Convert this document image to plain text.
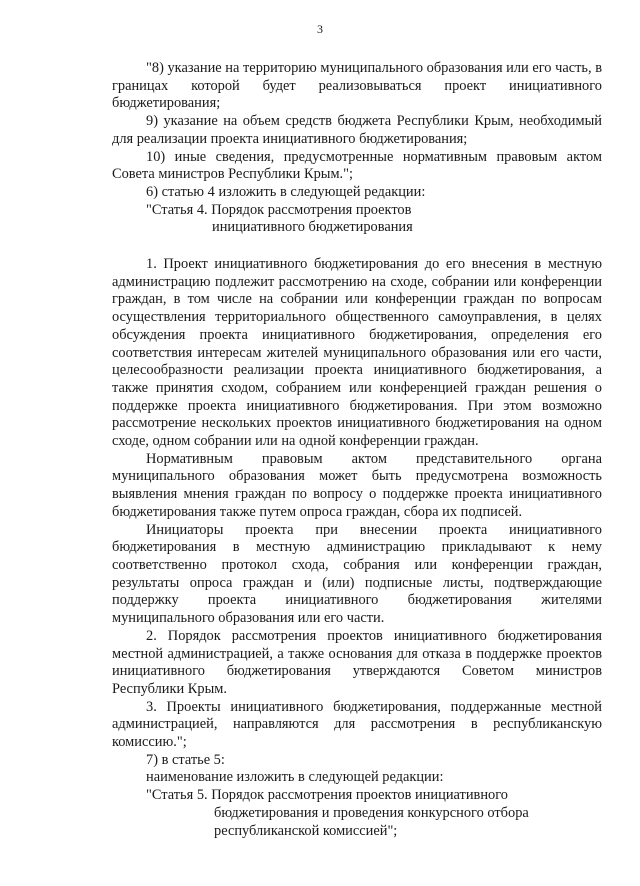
3

"8) указание на территорию муниципального образования или его часть, в границах которой будет реализовываться проект инициативного бюджетирования;

9) указание на объем средств бюджета Республики Крым, необходимый для реализации проекта инициативного бюджетирования;

10) иные сведения, предусмотренные нормативным правовым актом Совета министров Республики Крым.";

6) статью 4 изложить в следующей редакции:

"Статья 4. Порядок рассмотрения проектов

инициативного бюджетирования

1. Проект инициативного бюджетирования до его внесения в местную администрацию подлежит рассмотрению на сходе, собрании или конференции граждан, в том числе на собрании или конференции граждан по вопросам осуществления территориального общественного самоуправления, в целях обсуждения проекта инициативного бюджетирования, определения его соответствия интересам жителей муниципального образования или его части, целесообразности реализации проекта инициативного бюджетирования, а также принятия сходом, собранием или конференцией граждан решения о поддержке проекта инициативного бюджетирования. При этом возможно рассмотрение нескольких проектов инициативного бюджетирования на одном сходе, одном собрании или на одной конференции граждан.

Нормативным правовым актом представительного органа муниципального образования может быть предусмотрена возможность выявления мнения граждан по вопросу о поддержке проекта инициативного бюджетирования также путем опроса граждан, сбора их подписей.

Инициаторы проекта при внесении проекта инициативного бюджетирования в местную администрацию прикладывают к нему соответственно протокол схода, собрания или конференции граждан, результаты опроса граждан и (или) подписные листы, подтверждающие поддержку проекта инициативного бюджетирования жителями муниципального образования или его части.

2. Порядок рассмотрения проектов инициативного бюджетирования местной администрацией, а также основания для отказа в поддержке проектов инициативного бюджетирования утверждаются Советом министров Республики Крым.

3. Проекты инициативного бюджетирования, поддержанные местной администрацией, направляются для рассмотрения в республиканскую комиссию.";

7) в статье 5:

наименование изложить в следующей редакции:

"Статья 5. Порядок рассмотрения проектов инициативного

бюджетирования и проведения конкурсного отбора

республиканской комиссией";
